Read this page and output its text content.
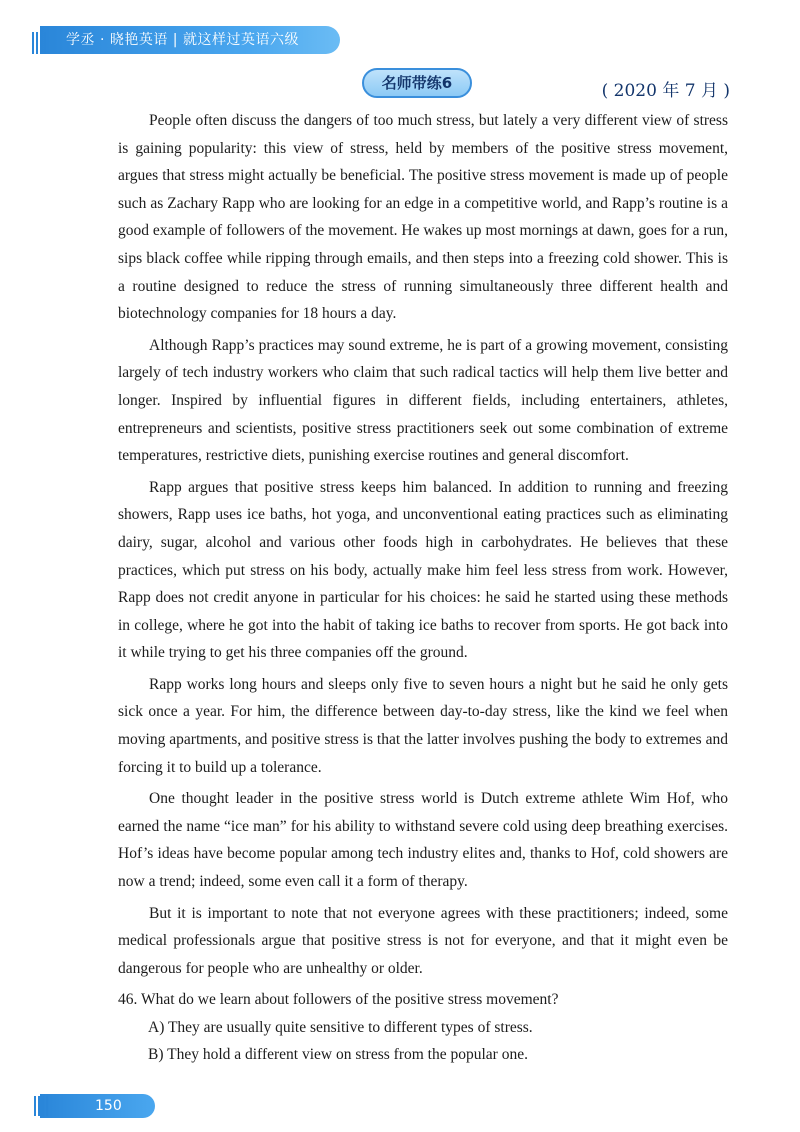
学丞 · 晓艳英语 | 就这样过英语六级
名师带练6	( 2020 年 7 月 )

People often discuss the dangers of too much stress, but lately a very different view of stress is gaining popularity: this view of stress, held by members of the positive stress movement, argues that stress might actually be beneficial. The positive stress movement is made up of people such as Zachary Rapp who are looking for an edge in a competitive world, and Rapp’s routine is a good example of followers of the movement. He wakes up most mornings at dawn, goes for a run, sips black coffee while ripping through emails, and then steps into a freezing cold shower. This is a routine designed to reduce the stress of running simultaneously three different health and biotechnology companies for 18 hours a day.

Although Rapp’s practices may sound extreme, he is part of a growing movement, consisting largely of tech industry workers who claim that such radical tactics will help them live better and longer. Inspired by influential figures in different fields, including entertainers, athletes, entrepreneurs and scientists, positive stress practitioners seek out some combination of extreme temperatures, restrictive diets, punishing exercise routines and general discomfort.

Rapp argues that positive stress keeps him balanced. In addition to running and freezing showers, Rapp uses ice baths, hot yoga, and unconventional eating practices such as eliminating dairy, sugar, alcohol and various other foods high in carbohydrates. He believes that these practices, which put stress on his body, actually make him feel less stress from work. However, Rapp does not credit anyone in particular for his choices: he said he started using these methods in college, where he got into the habit of taking ice baths to recover from sports. He got back into it while trying to get his three companies off the ground.

Rapp works long hours and sleeps only five to seven hours a night but he said he only gets sick once a year. For him, the difference between day-to-day stress, like the kind we feel when moving apartments, and positive stress is that the latter involves pushing the body to extremes and forcing it to build up a tolerance.

One thought leader in the positive stress world is Dutch extreme athlete Wim Hof, who earned the name “ice man” for his ability to withstand severe cold using deep breathing exercises. Hof’s ideas have become popular among tech industry elites and, thanks to Hof, cold showers are now a trend; indeed, some even call it a form of therapy.

But it is important to note that not everyone agrees with these practitioners; indeed, some medical professionals argue that positive stress is not for everyone, and that it might even be dangerous for people who are unhealthy or older.

46. What do we learn about followers of the positive stress movement?

A) They are usually quite sensitive to different types of stress.

B) They hold a different view on stress from the popular one.

150
